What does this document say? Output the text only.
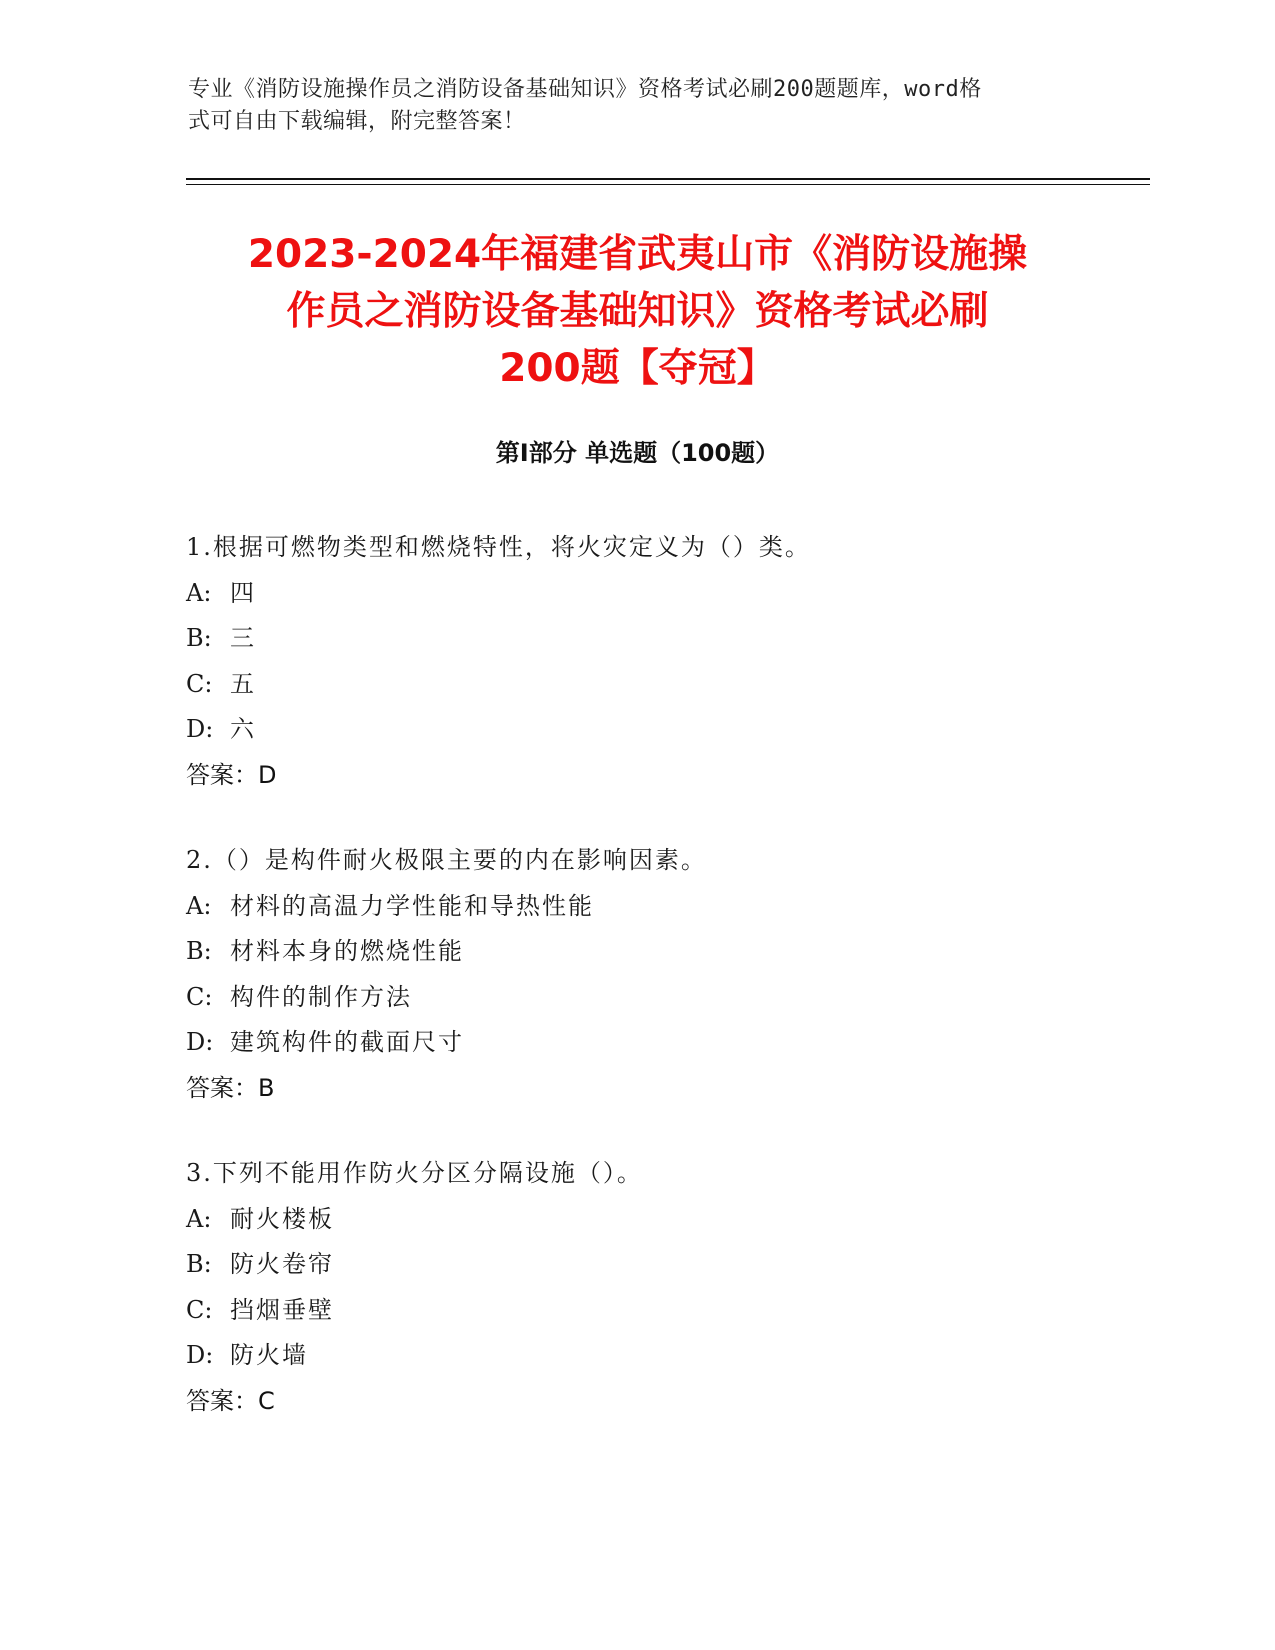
专业《消防设施操作员之消防设备基础知识》资格考试必刷200题题库，word格
式可自由下载编辑，附完整答案！
2023-2024年福建省武夷山市《消防设施操
作员之消防设备基础知识》资格考试必刷
200题【夺冠】
第Ⅰ部分 单选题（100题）
1.根据可燃物类型和燃烧特性，将火灾定义为（）类。
A: 四
B: 三
C: 五
D: 六
答案：D
2.（）是构件耐火极限主要的内在影响因素。
A: 材料的高温力学性能和导热性能
B: 材料本身的燃烧性能
C: 构件的制作方法
D: 建筑构件的截面尺寸
答案：B
3.下列不能用作防火分区分隔设施（）。
A: 耐火楼板
B: 防火卷帘
C: 挡烟垂壁
D: 防火墙
答案：C
